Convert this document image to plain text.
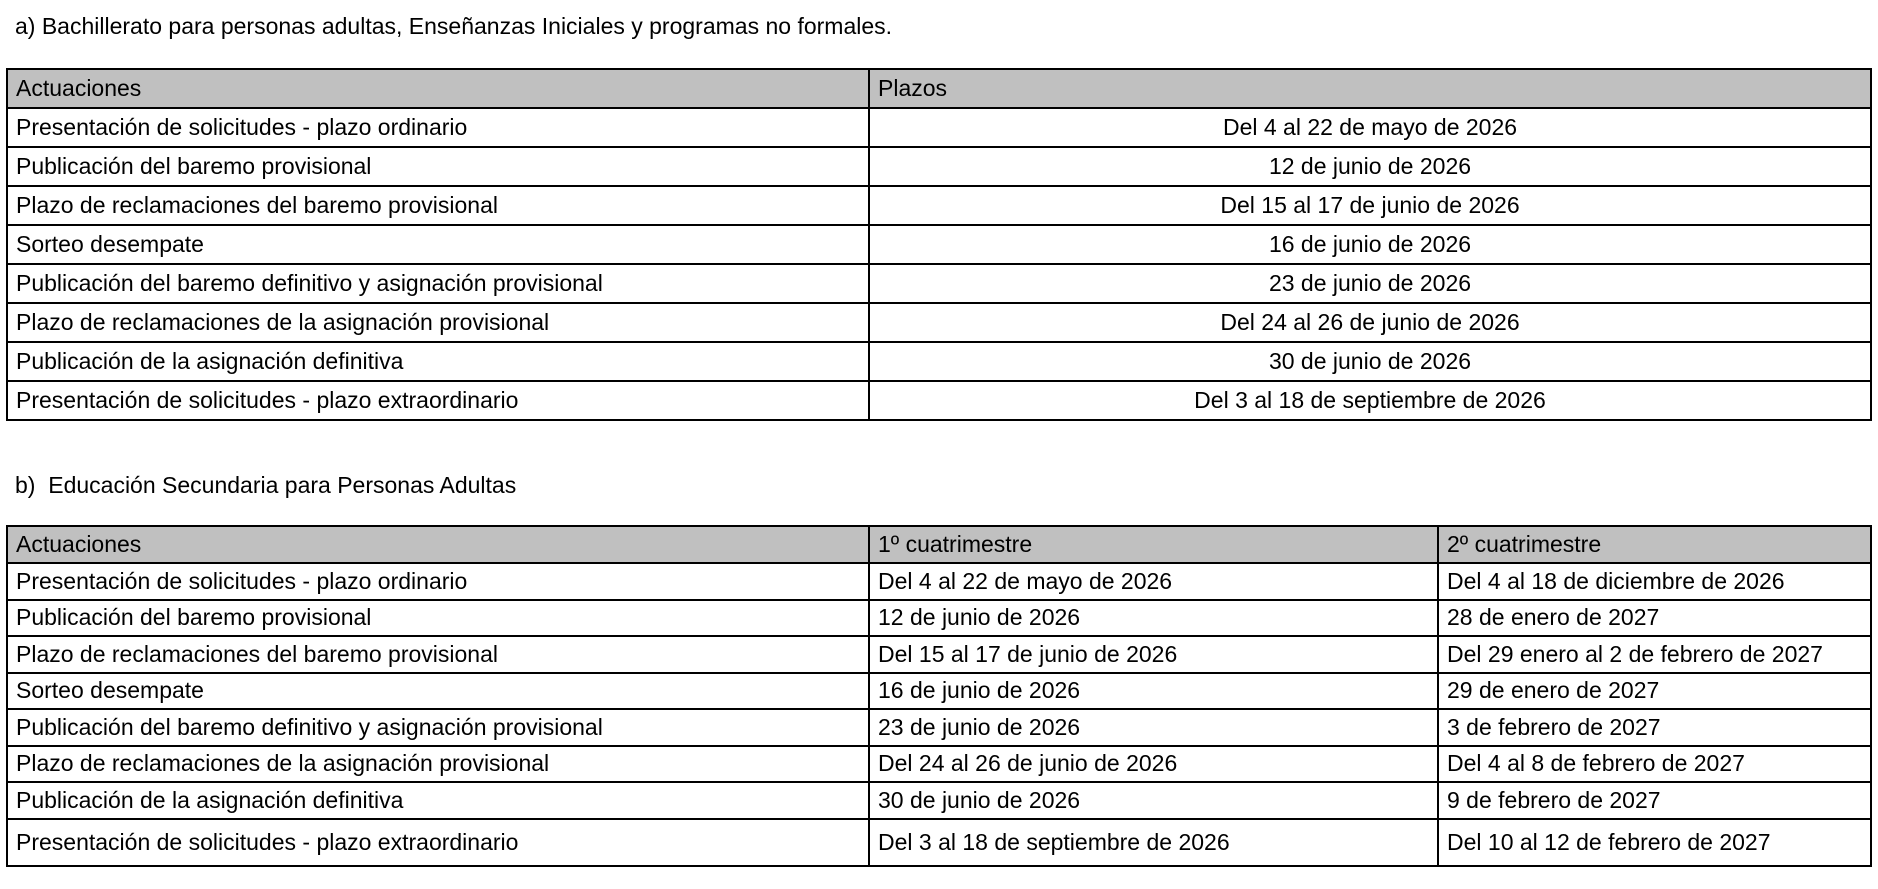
a) Bachillerato para personas adultas, Enseñanzas Iniciales y programas no formales.
Actuaciones	Plazos
Presentación de solicitudes - plazo ordinario	Del 4 al 22 de mayo de 2026
Publicación del baremo provisional	12 de junio de 2026
Plazo de reclamaciones del baremo provisional	Del 15 al 17 de junio de 2026
Sorteo desempate	16 de junio de 2026
Publicación del baremo definitivo y asignación provisional	23 de junio de 2026
Plazo de reclamaciones de la asignación provisional	Del 24 al 26 de junio de 2026
Publicación de la asignación definitiva	30 de junio de 2026
Presentación de solicitudes - plazo extraordinario	Del 3 al 18 de septiembre de 2026
b)  Educación Secundaria para Personas Adultas
Actuaciones	1º cuatrimestre	2º cuatrimestre
Presentación de solicitudes - plazo ordinario	Del 4 al 22 de mayo de 2026	Del 4 al 18 de diciembre de 2026
Publicación del baremo provisional	12 de junio de 2026	28 de enero de 2027
Plazo de reclamaciones del baremo provisional	Del 15 al 17 de junio de 2026	Del 29 enero al 2 de febrero de 2027
Sorteo desempate	16 de junio de 2026	29 de enero de 2027
Publicación del baremo definitivo y asignación provisional	23 de junio de 2026	3 de febrero de 2027
Plazo de reclamaciones de la asignación provisional	Del 24 al 26 de junio de 2026	Del 4 al 8 de febrero de 2027
Publicación de la asignación definitiva	30 de junio de 2026	9 de febrero de 2027
Presentación de solicitudes - plazo extraordinario	Del 3 al 18 de septiembre de 2026	Del 10 al 12 de febrero de 2027
